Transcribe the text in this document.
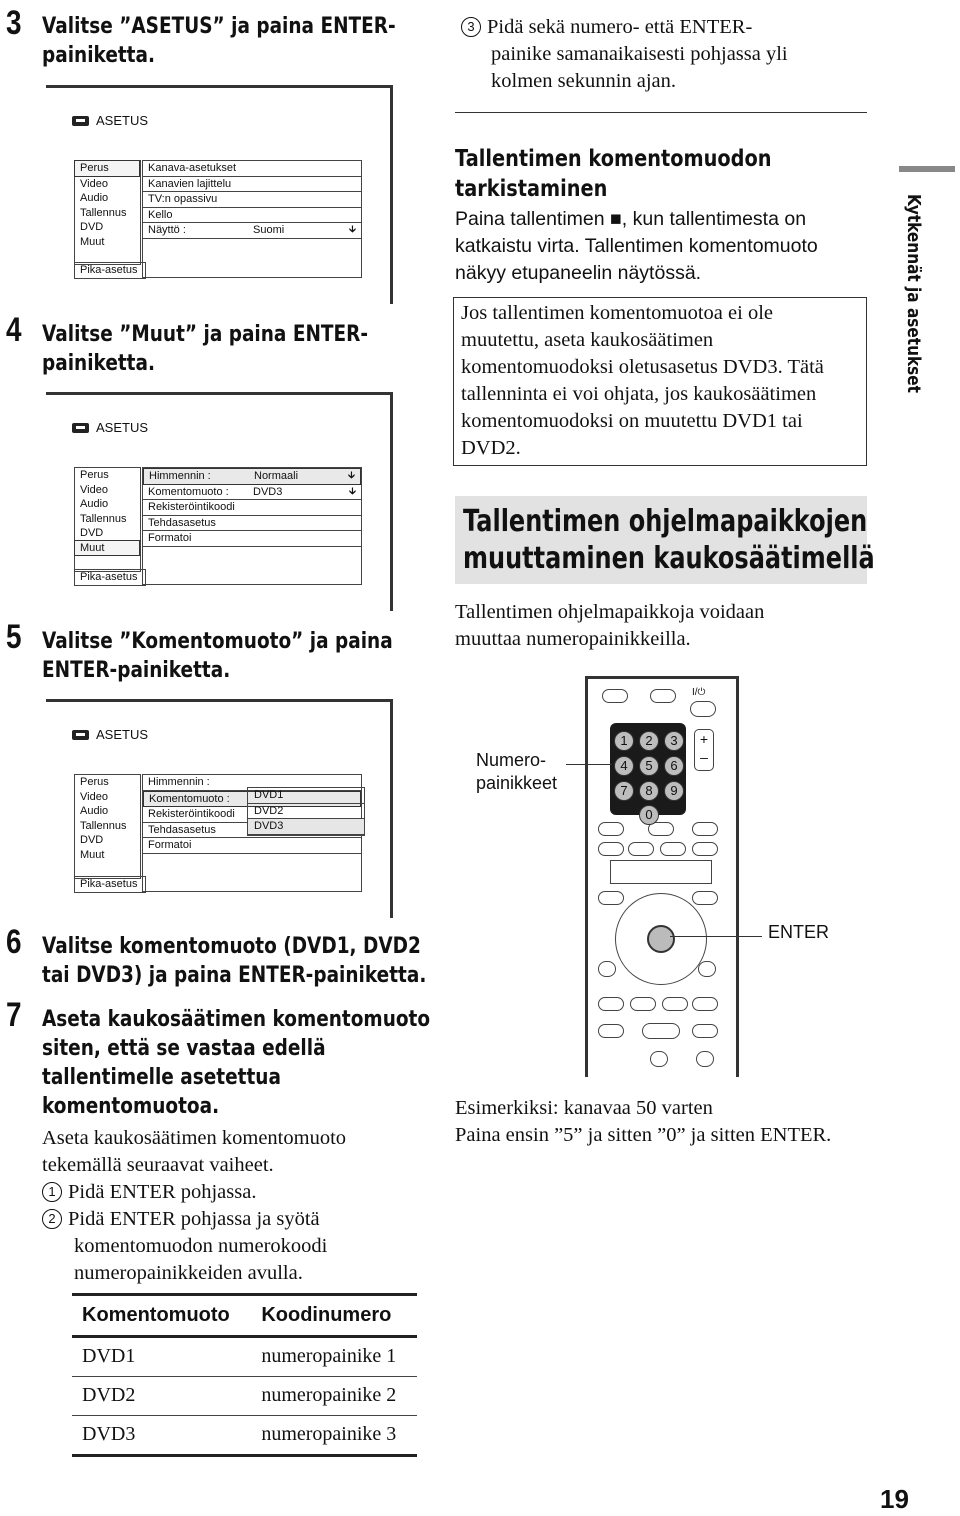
3 Valitse ”ASETUS” ja paina ENTER-
painiketta.
ASETUS
Perus
Video
Audio
Tallennus
DVD
Muut
Pika-asetus
Kanava-asetukset
Kanavien lajittelu
TV:n opassivu
Kello
Näyttö :	Suomi	🡳
4 Valitse ”Muut” ja paina ENTER-
painiketta.
ASETUS
Perus
Video
Audio
Tallennus
DVD
Muut
Pika-asetus
Himmennin :	Normaali	🡳
Komentomuoto : DVD3	🡳
Rekisteröintikoodi
Tehdasasetus
Formatoi
5 Valitse ”Komentomuoto” ja paina
ENTER-painiketta.
ASETUS
Perus
Video
Audio
Tallennus
DVD
Muut
Pika-asetus
Himmennin :
Komentomuoto :
Rekisteröintikoodi
Tehdasasetus
Formatoi
DVD1
DVD2
DVD3
6 Valitse komentomuoto (DVD1, DVD2
tai DVD3) ja paina ENTER-painiketta.
7 Aseta kaukosäätimen komentomuoto
siten, että se vastaa edellä
tallentimelle asetettua
komentomuotoa.
Aseta kaukosäätimen komentomuoto
tekemällä seuraavat vaiheet.
1 Pidä ENTER pohjassa.
2 Pidä ENTER pohjassa ja syötä
komentomuodon numerokoodi
numeropainikkeiden avulla.
Komentomuoto	Koodinumero
DVD1	numeropainike 1
DVD2	numeropainike 2
DVD3	numeropainike 3
3 Pidä sekä numero- että ENTER-
painike samanaikaisesti pohjassa yli
kolmen sekunnin ajan.
Tallentimen komentomuodon
tarkistaminen
Paina tallentimen ■, kun tallentimesta on
katkaistu virta. Tallentimen komentomuoto
näkyy etupaneelin näytössä.
Jos tallentimen komentomuotoa ei ole
muutettu, aseta kaukosäätimen
komentomuodoksi oletusasetus DVD3. Tätä
tallenninta ei voi ohjata, jos kaukosäätimen
komentomuodoksi on muutettu DVD1 tai
DVD2.
Tallentimen ohjelmapaikkojen
muuttaminen kaukosäätimellä
Tallentimen ohjelmapaikkoja voidaan
muuttaa numeropainikkeilla.
I/⏻
+
–
1	2	3
4	5	6
7	8	9
0
Numero-
painikkeet
ENTER
Esimerkiksi: kanavaa 50 varten
Paina ensin ”5” ja sitten ”0” ja sitten ENTER.
Kytkennät ja asetukset
19
